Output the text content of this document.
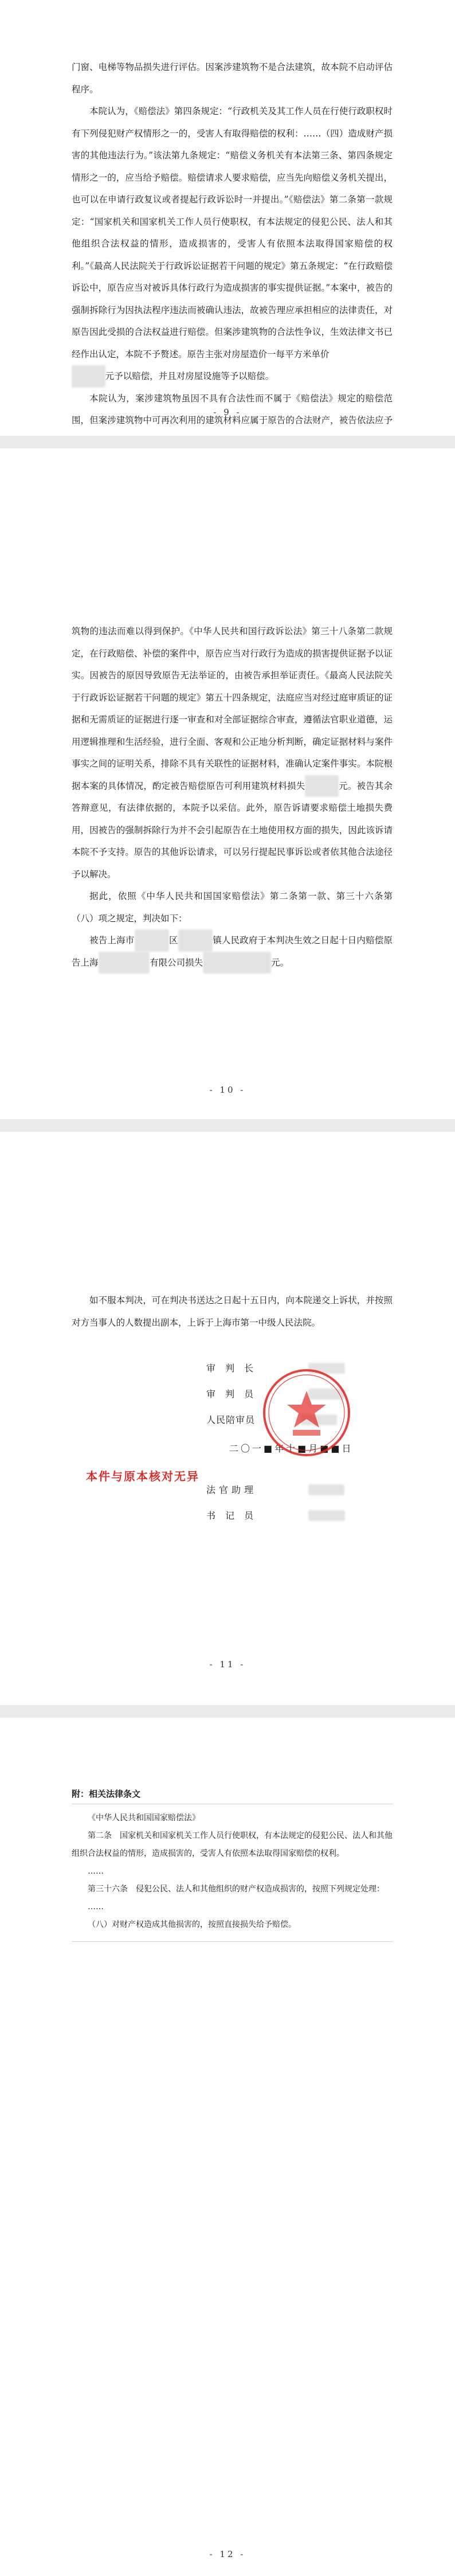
门窗、电梯等物品损失进行评估。因案涉建筑物不是合法建筑，故本院不启动评估程序。

本院认为，《赔偿法》第四条规定：“行政机关及其工作人员在行使行政职权时有下列侵犯财产权情形之一的，受害人有取得赔偿的权利：……（四）造成财产损害的其他违法行为。”该法第九条规定：“赔偿义务机关有本法第三条、第四条规定情形之一的，应当给予赔偿。赔偿请求人要求赔偿，应当先向赔偿义务机关提出，也可以在申请行政复议或者提起行政诉讼时一并提出。”《赔偿法》第二条第一款规定：“国家机关和国家机关工作人员行使职权，有本法规定的侵犯公民、法人和其他组织合法权益的情形，造成损害的，受害人有依照本法取得国家赔偿的权利。”《最高人民法院关于行政诉讼证据若干问题的规定》第五条规定：“在行政赔偿诉讼中，原告应当对被诉具体行政行为造成损害的事实提供证据。”本案中，被告的强制拆除行为因执法程序违法而被确认违法，故被告理应承担相应的法律责任，对原告因此受损的合法权益进行赔偿。但案涉建筑物的合法性争议，生效法律文书已经作出认定，本院不予赘述。原告主张对房屋造价一每平方米单价

元予以赔偿，并且对房屋设施等予以赔偿。

本院认为，案涉建筑物虽因不具有合法性而不属于《赔偿法》规定的赔偿范围，但案涉建筑物中可再次利用的建筑材料应属于原告的合法财产，被告依法应予

- 9 -

筑物的违法而难以得到保护。《中华人民共和国行政诉讼法》第三十八条第二款规定，在行政赔偿、补偿的案件中，原告应当对行政行为造成的损害提供证据予以证实。因被告的原因导致原告无法举证的，由被告承担举证责任。《最高人民法院关于行政诉讼证据若干问题的规定》第五十四条规定，法庭应当对经过庭审质证的证据和无需质证的证据进行逐一审查和对全部证据综合审查，遵循法官职业道德，运用逻辑推理和生活经验，进行全面、客观和公正地分析判断，确定证据材料与案件事实之间的证明关系，排除不具有关联性的证据材料，准确认定案件事实。本院根据本案的具体情况，酌定被告赔偿原告可利用建筑材料损失	元。被告其余答辩意见，有法律依据的，本院予以采信。此外，原告诉请要求赔偿土地损失费用，因被告的强制拆除行为并不会引起原告在土地使用权方面的损失，因此该诉请本院不予支持。原告的其他诉讼请求，可以另行提起民事诉讼或者依其他合法途径予以解决。

据此，依照《中华人民共和国国家赔偿法》第二条第一款、第三十六条第（八）项之规定，判决如下：

被告上海市	区	镇人民政府于本判决生效之日起十日内赔偿原告上海	有限公司损失	元。

- 10 -

如不服本判决，可在判决书送达之日起十五日内，向本院递交上诉状，并按照对方当事人的人数提出副本，上诉于上海市第一中级人民法院。

审 判 长
审 判 员
人民陪审员
二〇一■年十■月■■日
法官助理
书 记 员
本件与原本核对无异
- 11 -
附：相关法律条文

《中华人民共和国国家赔偿法》

第二条　国家机关和国家机关工作人员行使职权，有本法规定的侵犯公民、法人和其他组织合法权益的情形，造成损害的，受害人有依照本法取得国家赔偿的权利。

……

第三十六条　侵犯公民、法人和其他组织的财产权造成损害的，按照下列规定处理：

……

（八）对财产权造成其他损害的，按照直接损失给予赔偿。

- 12 -
